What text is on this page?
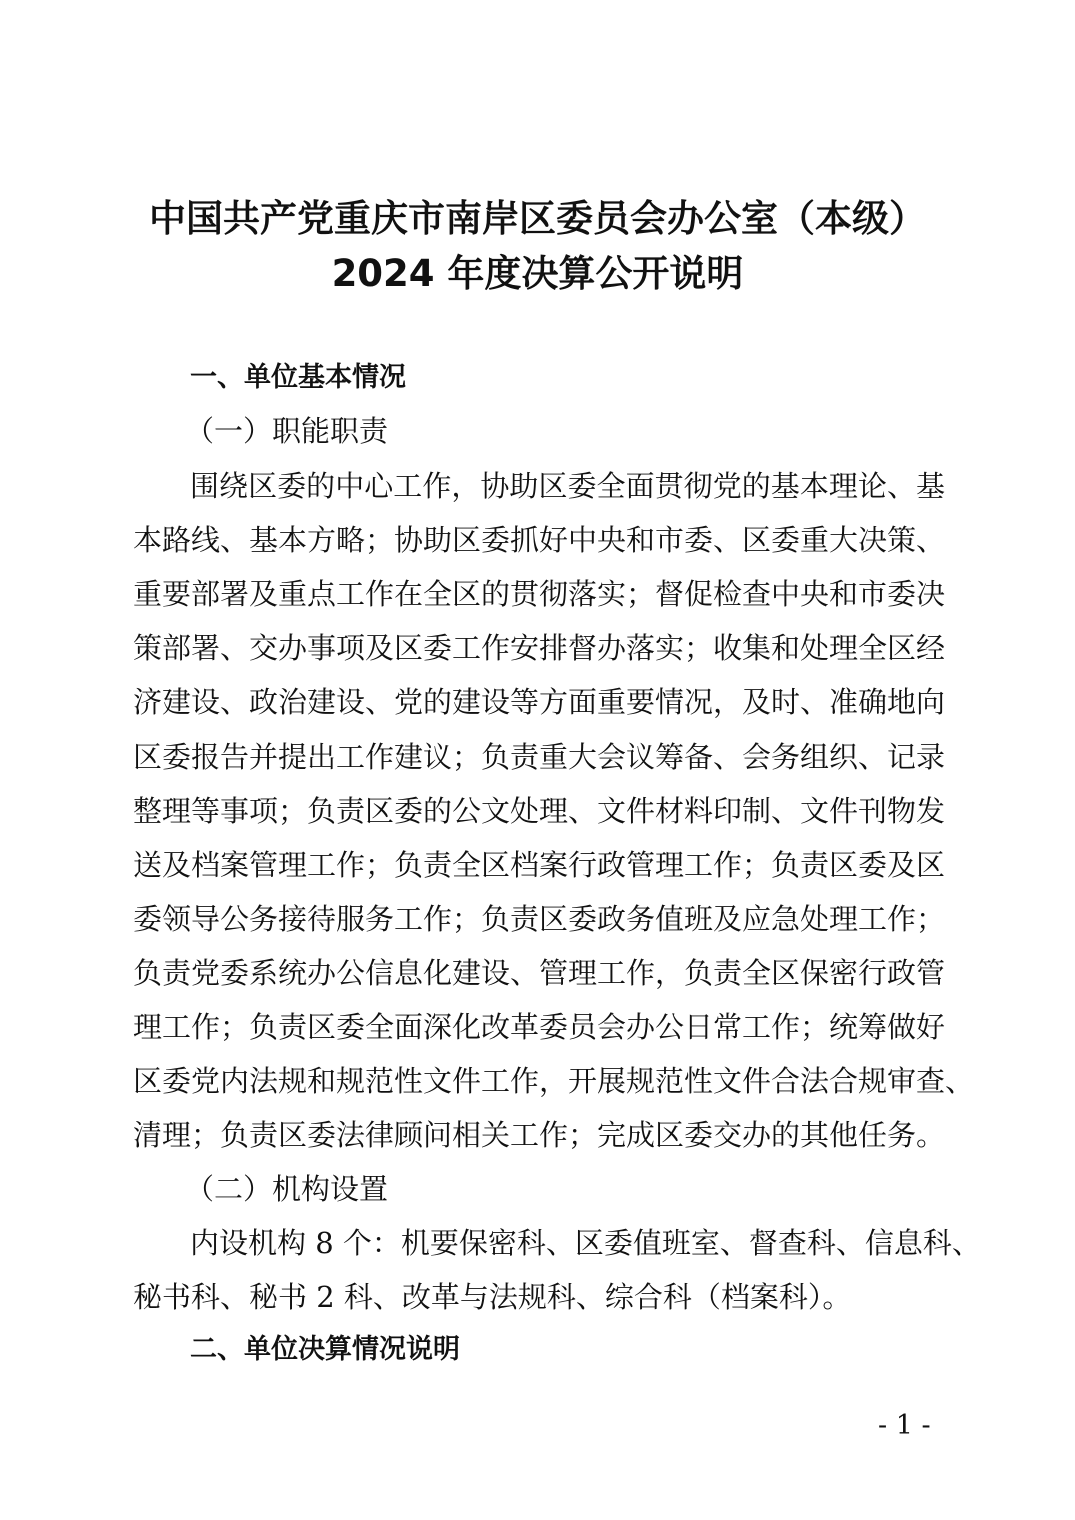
中国共产党重庆市南岸区委员会办公室（本级）
2024 年度决算公开说明
一、单位基本情况
（一）职能职责
围绕区委的中心工作，协助区委全面贯彻党的基本理论、基
本路线、基本方略；协助区委抓好中央和市委、区委重大决策、
重要部署及重点工作在全区的贯彻落实；督促检查中央和市委决
策部署、交办事项及区委工作安排督办落实；收集和处理全区经
济建设、政治建设、党的建设等方面重要情况，及时、准确地向
区委报告并提出工作建议；负责重大会议筹备、会务组织、记录
整理等事项；负责区委的公文处理、文件材料印制、文件刊物发
送及档案管理工作；负责全区档案行政管理工作；负责区委及区
委领导公务接待服务工作；负责区委政务值班及应急处理工作；
负责党委系统办公信息化建设、管理工作，负责全区保密行政管
理工作；负责区委全面深化改革委员会办公日常工作；统筹做好
区委党内法规和规范性文件工作，开展规范性文件合法合规审查、
清理；负责区委法律顾问相关工作；完成区委交办的其他任务。
（二）机构设置
内设机构 8 个：机要保密科、区委值班室、督查科、信息科、
秘书科、秘书 2 科、改革与法规科、综合科（档案科）。
二、单位决算情况说明
- 1 -
